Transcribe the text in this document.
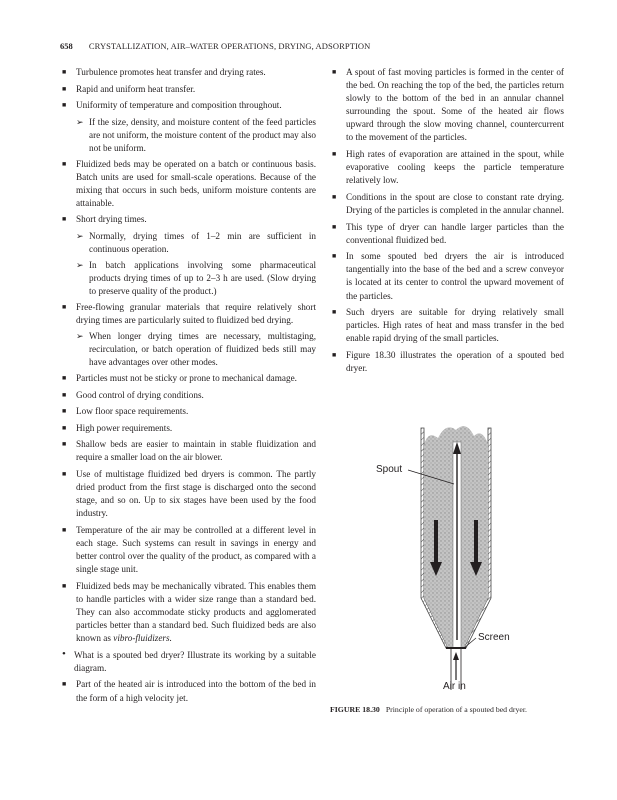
658 CRYSTALLIZATION, AIR–WATER OPERATIONS, DRYING, ADSORPTION
■ Turbulence promotes heat transfer and drying rates.
■ Rapid and uniform heat transfer.
■ Uniformity of temperature and composition throughout.
➢ If the size, density, and moisture content of the feed particles are not uniform, the moisture content of the product may also not be uniform.
■ Fluidized beds may be operated on a batch or continuous basis. Batch units are used for small-scale operations. Because of the mixing that occurs in such beds, uniform moisture contents are attainable.
■ Short drying times.
➢ Normally, drying times of 1–2 min are sufficient in continuous operation.
➢ In batch applications involving some pharmaceutical products drying times of up to 2–3 h are used. (Slow drying to preserve quality of the product.)
■ Free-flowing granular materials that require relatively short drying times are particularly suited to fluidized bed drying.
➢ When longer drying times are necessary, multistaging, recirculation, or batch operation of fluidized beds still may have advantages over other modes.
■ Particles must not be sticky or prone to mechanical damage.
■ Good control of drying conditions.
■ Low floor space requirements.
■ High power requirements.
■ Shallow beds are easier to maintain in stable fluidization and require a smaller load on the air blower.
■ Use of multistage fluidized bed dryers is common. The partly dried product from the first stage is discharged onto the second stage, and so on. Up to six stages have been used by the food industry.
■ Temperature of the air may be controlled at a different level in each stage. Such systems can result in savings in energy and better control over the quality of the product, as compared with a single stage unit.
■ Fluidized beds may be mechanically vibrated. This enables them to handle particles with a wider size range than a standard bed. They can also accommodate sticky products and agglomerated particles better than a standard bed. Such fluidized beds are also known as vibro-fluidizers.
• What is a spouted bed dryer? Illustrate its working by a suitable diagram.
■ Part of the heated air is introduced into the bottom of the bed in the form of a high velocity jet.
■ A spout of fast moving particles is formed in the center of the bed. On reaching the top of the bed, the particles return slowly to the bottom of the bed in an annular channel surrounding the spout. Some of the heated air flows upward through the slow moving channel, countercurrent to the movement of the particles.
■ High rates of evaporation are attained in the spout, while evaporative cooling keeps the particle temperature relatively low.
■ Conditions in the spout are close to constant rate drying. Drying of the particles is completed in the annular channel.
■ This type of dryer can handle larger particles than the conventional fluidized bed.
■ In some spouted bed dryers the air is introduced tangentially into the base of the bed and a screw conveyor is located at its center to control the upward movement of the particles.
■ Such dryers are suitable for drying relatively small particles. High rates of heat and mass transfer in the bed enable rapid drying of the small particles.
■ Figure 18.30 illustrates the operation of a spouted bed dryer.
Spout
Screen
Air in
FIGURE 18.30 Principle of operation of a spouted bed dryer.
